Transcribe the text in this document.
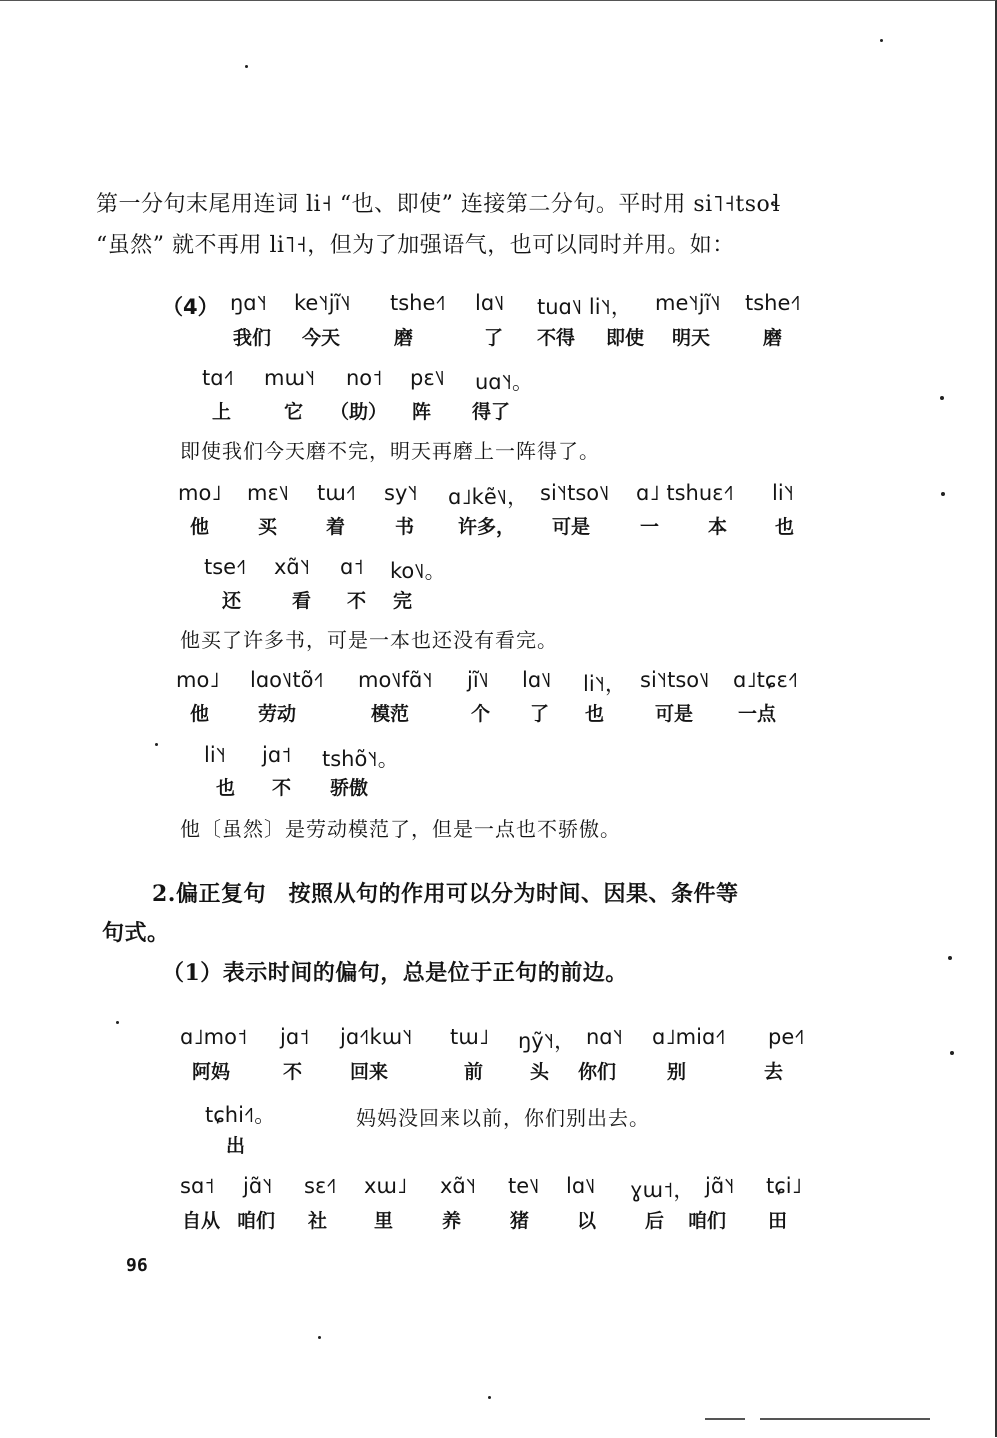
第一分句末尾用连词 li˧ “也、即使” 连接第二分句。平时用 si˥˧tsoɬ
“虽然” 就不再用 li˥˧，但为了加强语气，也可以同时并用。如：
（4） ŋɑ˥˧ ke˥˧jĩ˥˨ tshe˧˥ lɑ˥˩ tuɑ˥˩ li˥˧， me˥˧jĩ˥˨ tshe˧˥
我们 今天	磨	了 不得 即使 明天	磨
tɑ˧˥ mɯ˥˧ no˦ pɛ˥˩ uɑ˥˧。
上	它 （助） 阵 得了
即使我们今天磨不完，明天再磨上一阵得了。
mo˩ mɛ˥˩ tɯ˧˥ sy˥˧ ɑ˩kẽ˥˩， si˥˧tso˥˩ ɑ˩ tshuɛ˧˥ li˥˧
他	买	着	书 许多， 可是	一	本	也
tse˧˥ xɑ̃˥˧ ɑ˦ ko˥˩。
还	看 不 完
他买了许多书，可是一本也还没有看完。
mo˩ lɑo˥˩tõ˧˥ mo˥˩fɑ̃˥˧ jĩ˥˩ lɑ˥˩ li˥˧， si˥˧tso˥˩ ɑ˩tɕɛ˧˥
他	劳动	模范	个 了 也	可是 一点
li˥˧ jɑ˦ tshõ˥˧。
也 不 骄傲
他〔虽然〕是劳动模范了，但是一点也不骄傲。
2.偏正复句　按照从句的作用可以分为时间、因果、条件等
句式。
（1）表示时间的偏句，总是位于正句的前边。
ɑ˩mo˦ jɑ˦ jɑ˧˥kɯ˥˧ tɯ˩ ŋỹ˥˧， nɑ˥˧ ɑ˩miɑ˧˥ pe˧˥
阿妈	不	回来	前 头 你们	别	去
tɕhi˧˥。	妈妈没回来以前，你们别出去。
出
sɑ˦ jɑ̃˥˧ sɛ˧˥ xɯ˩ xɑ̃˥˧ te˥˩ lɑ˥˩ ɣɯ˦， jɑ̃˥˧ tɕi˩
自从 咱们 社 里	养	猪	以	后 咱们 田
96
